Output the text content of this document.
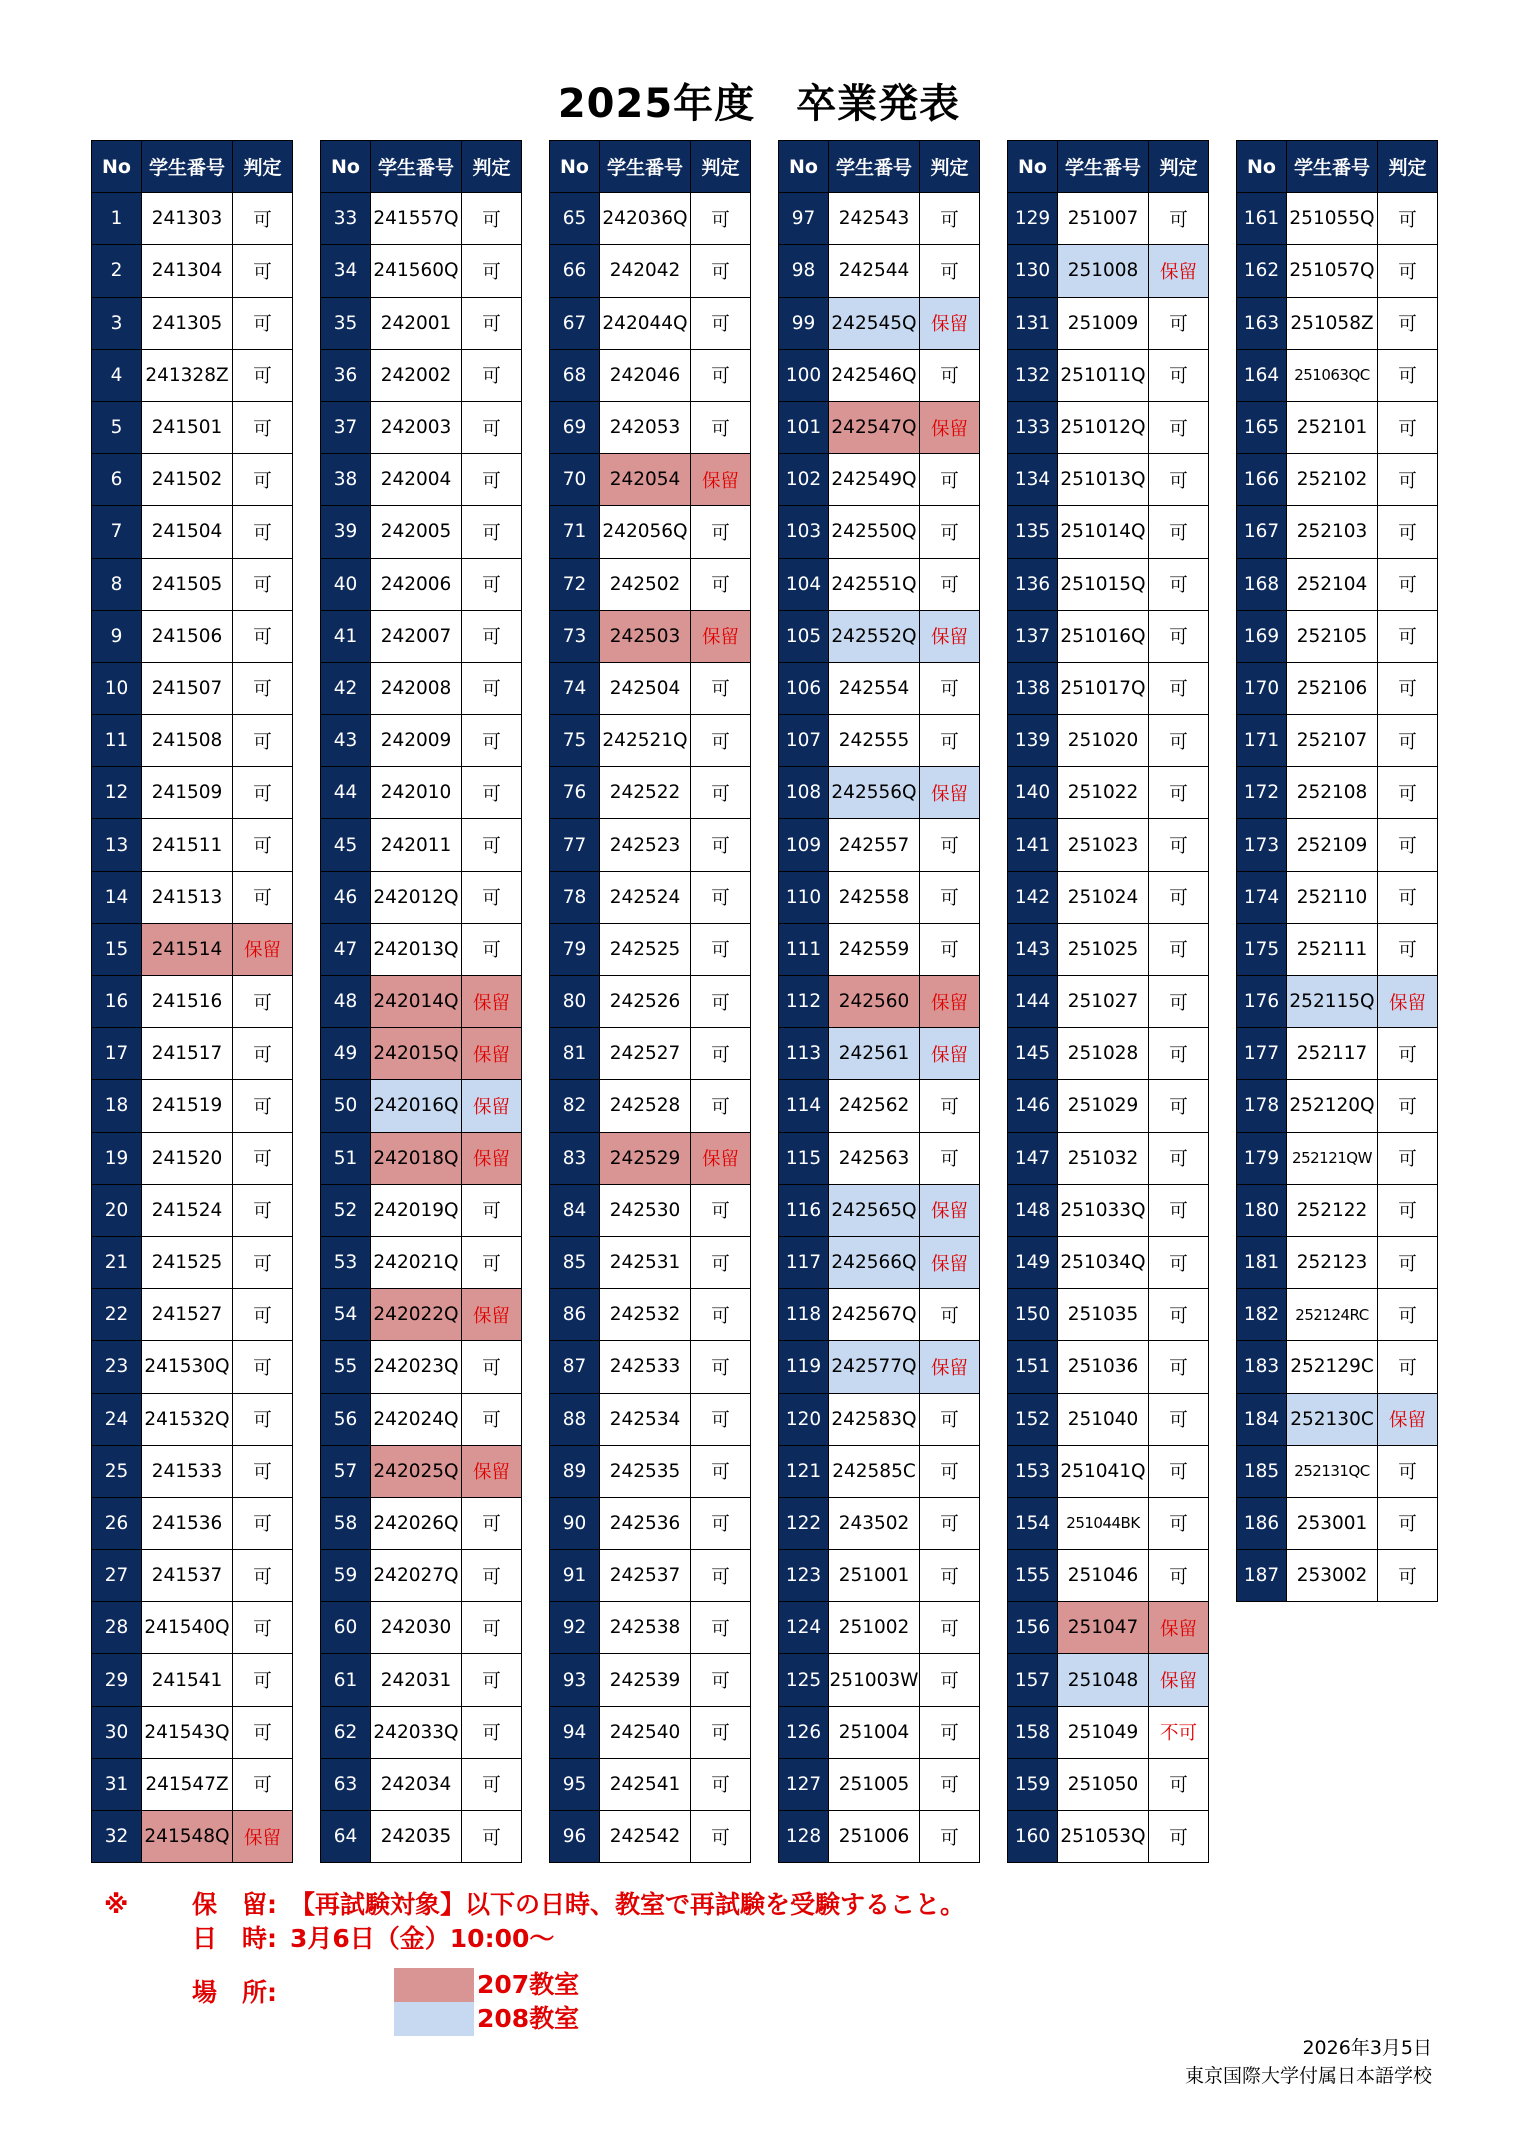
2025年度　卒業発表
No	学生番号	判定
1	241303	可
2	241304	可
3	241305	可
4	241328Z	可
5	241501	可
6	241502	可
7	241504	可
8	241505	可
9	241506	可
10	241507	可
11	241508	可
12	241509	可
13	241511	可
14	241513	可
15	241514	保留
16	241516	可
17	241517	可
18	241519	可
19	241520	可
20	241524	可
21	241525	可
22	241527	可
23	241530Q	可
24	241532Q	可
25	241533	可
26	241536	可
27	241537	可
28	241540Q	可
29	241541	可
30	241543Q	可
31	241547Z	可
32	241548Q	保留
No	学生番号	判定
33	241557Q	可
34	241560Q	可
35	242001	可
36	242002	可
37	242003	可
38	242004	可
39	242005	可
40	242006	可
41	242007	可
42	242008	可
43	242009	可
44	242010	可
45	242011	可
46	242012Q	可
47	242013Q	可
48	242014Q	保留
49	242015Q	保留
50	242016Q	保留
51	242018Q	保留
52	242019Q	可
53	242021Q	可
54	242022Q	保留
55	242023Q	可
56	242024Q	可
57	242025Q	保留
58	242026Q	可
59	242027Q	可
60	242030	可
61	242031	可
62	242033Q	可
63	242034	可
64	242035	可
No	学生番号	判定
65	242036Q	可
66	242042	可
67	242044Q	可
68	242046	可
69	242053	可
70	242054	保留
71	242056Q	可
72	242502	可
73	242503	保留
74	242504	可
75	242521Q	可
76	242522	可
77	242523	可
78	242524	可
79	242525	可
80	242526	可
81	242527	可
82	242528	可
83	242529	保留
84	242530	可
85	242531	可
86	242532	可
87	242533	可
88	242534	可
89	242535	可
90	242536	可
91	242537	可
92	242538	可
93	242539	可
94	242540	可
95	242541	可
96	242542	可
No	学生番号	判定
97	242543	可
98	242544	可
99	242545Q	保留
100	242546Q	可
101	242547Q	保留
102	242549Q	可
103	242550Q	可
104	242551Q	可
105	242552Q	保留
106	242554	可
107	242555	可
108	242556Q	保留
109	242557	可
110	242558	可
111	242559	可
112	242560	保留
113	242561	保留
114	242562	可
115	242563	可
116	242565Q	保留
117	242566Q	保留
118	242567Q	可
119	242577Q	保留
120	242583Q	可
121	242585C	可
122	243502	可
123	251001	可
124	251002	可
125	251003W	可
126	251004	可
127	251005	可
128	251006	可
No	学生番号	判定
129	251007	可
130	251008	保留
131	251009	可
132	251011Q	可
133	251012Q	可
134	251013Q	可
135	251014Q	可
136	251015Q	可
137	251016Q	可
138	251017Q	可
139	251020	可
140	251022	可
141	251023	可
142	251024	可
143	251025	可
144	251027	可
145	251028	可
146	251029	可
147	251032	可
148	251033Q	可
149	251034Q	可
150	251035	可
151	251036	可
152	251040	可
153	251041Q	可
154	251044BK	可
155	251046	可
156	251047	保留
157	251048	保留
158	251049	不可
159	251050	可
160	251053Q	可
No	学生番号	判定
161	251055Q	可
162	251057Q	可
163	251058Z	可
164	251063QC	可
165	252101	可
166	252102	可
167	252103	可
168	252104	可
169	252105	可
170	252106	可
171	252107	可
172	252108	可
173	252109	可
174	252110	可
175	252111	可
176	252115Q	保留
177	252117	可
178	252120Q	可
179	252121QW	可
180	252122	可
181	252123	可
182	252124RC	可
183	252129C	可
184	252130C	保留
185	252131QC	可
186	253001	可
187	253002	可
※	保　留: 【再試験対象】以下の日時、教室で再試験を受験すること。
日　時: 3月6日（金）10:00〜
場　所:	207教室
208教室
2026年3月5日
東京国際大学付属日本語学校
